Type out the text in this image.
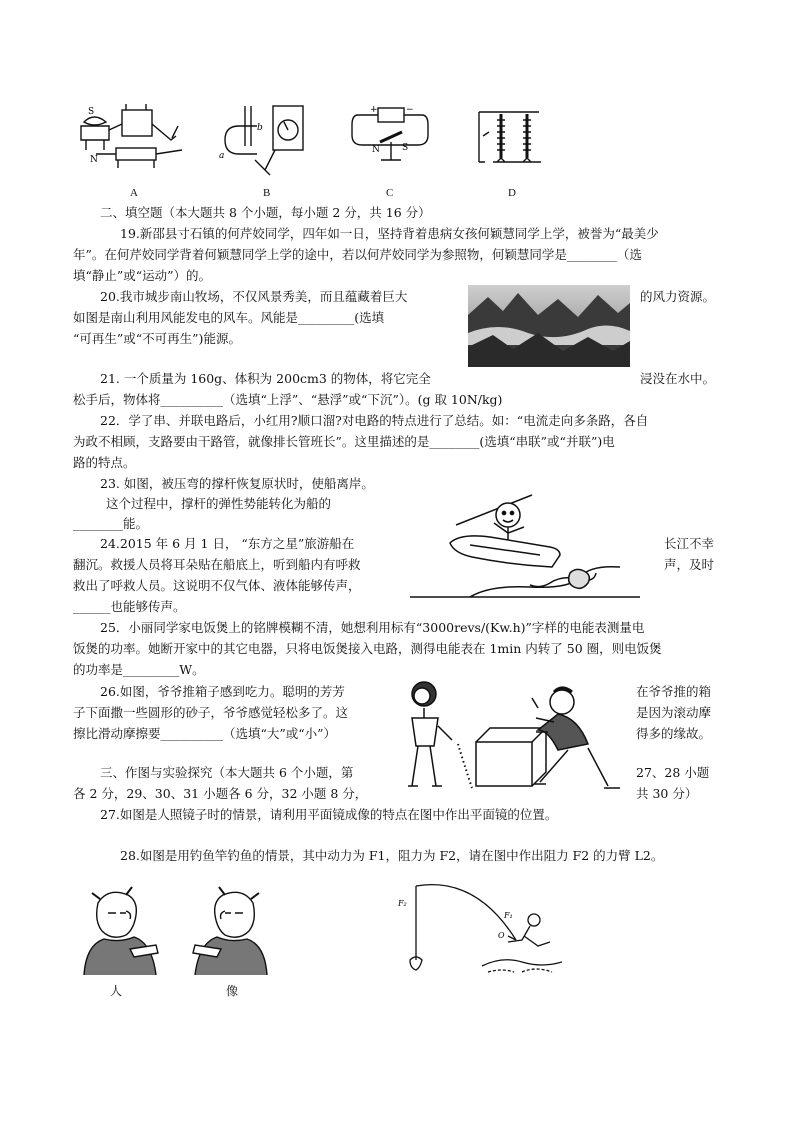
S
N
A
a
b
B
+	−
N S
C	D
二、填空题（本大题共 8 个小题，每小题 2 分，共 16 分）
19.新邵县寸石镇的何芹姣同学，四年如一日，坚持背着患病女孩何颖慧同学上学，被誉为“最美少
年”。在何芹姣同学背着何颖慧同学上学的途中，若以何芹姣同学为参照物，何颖慧同学是________（选
填“静止”或“运动”）的。
20.我市城步南山牧场，不仅风景秀美，而且蕴藏着巨大	的风力资源。
如图是南山利用风能发电的风车。风能是_________(选填
“可再生”或“不可再生”)能源。
21. 一个质量为 160g、体积为 200cm3 的物体，将它完全	浸没在水中。
松手后，物体将__________（选填“上浮”、“悬浮”或“下沉”）。(g 取 10N/kg)
22．学了串、并联电路后，小红用?顺口溜?对电路的特点进行了总结。如：“电流走向多条路，各自
为政不相顾，支路要由干路管，就像排长管班长”。这里描述的是________(选填“串联”或“并联”)电
路的特点。
23. 如图，被压弯的撑杆恢复原状时，使船离岸。
这个过程中，撑杆的弹性势能转化为船的
________能。
24.2015 年 6 月 1 日， “东方之星”旅游船在	长江不幸
翻沉。救援人员将耳朵贴在船底上，听到船内有呼救	声，及时
救出了呼救人员。这说明不仅气体、液体能够传声，
______也能够传声。
25．小丽同学家电饭煲上的铭牌模糊不清，她想利用标有“3000revs/(Kw.h)”字样的电能表测量电
饭煲的功率。她断开家中的其它电器，只将电饭煲接入电路，测得电能表在 1min 内转了 50 圈，则电饭煲
的功率是_________W。
26.如图，爷爷推箱子感到吃力。聪明的芳芳	在爷爷推的箱
子下面撒一些圆形的砂子，爷爷感觉轻松多了。这	是因为滚动摩
擦比滑动摩擦要__________（选填“大”或“小”）	得多的缘故。
三、作图与实验探究（本大题共 6 个小题，第	27、28 小题
各 2 分，29、30、31 小题各 6 分，32 小题 8 分，	共 30 分）
27.如图是人照镜子时的情景，请利用平面镜成像的特点在图中作出平面镜的位置。
28.如图是用钓鱼竿钓鱼的情景，其中动力为 F1，阻力为 F2，请在图中作出阻力 F2 的力臂 L2。
人	像
F₂
F₁
O
